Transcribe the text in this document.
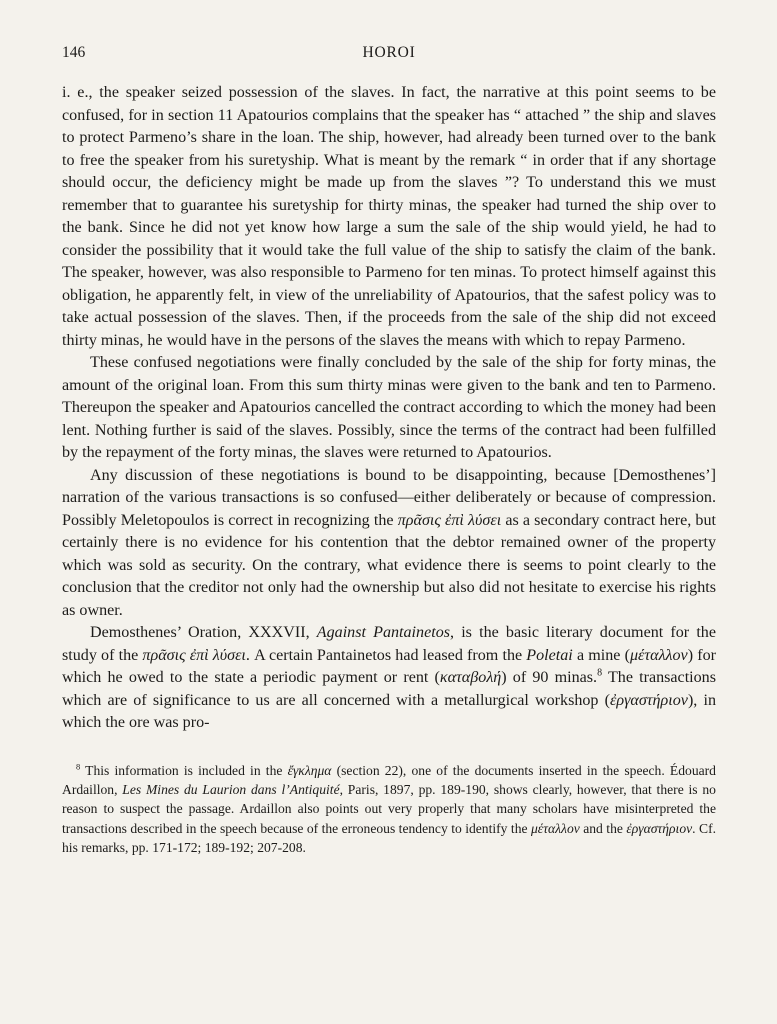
146	HOROI

i. e., the speaker seized possession of the slaves. In fact, the narrative at this point seems to be confused, for in section 11 Apatourios complains that the speaker has “ attached ” the ship and slaves to protect Parmeno’s share in the loan. The ship, however, had already been turned over to the bank to free the speaker from his suretyship. What is meant by the remark “ in order that if any shortage should occur, the deficiency might be made up from the slaves ”? To understand this we must remember that to guarantee his suretyship for thirty minas, the speaker had turned the ship over to the bank. Since he did not yet know how large a sum the sale of the ship would yield, he had to consider the possibility that it would take the full value of the ship to satisfy the claim of the bank. The speaker, however, was also responsible to Parmeno for ten minas. To protect himself against this obligation, he apparently felt, in view of the unreliability of Apatourios, that the safest policy was to take actual possession of the slaves. Then, if the proceeds from the sale of the ship did not exceed thirty minas, he would have in the persons of the slaves the means with which to repay Parmeno.

These confused negotiations were finally concluded by the sale of the ship for forty minas, the amount of the original loan. From this sum thirty minas were given to the bank and ten to Parmeno. Thereupon the speaker and Apatourios cancelled the contract according to which the money had been lent. Nothing further is said of the slaves. Possibly, since the terms of the contract had been fulfilled by the repayment of the forty minas, the slaves were returned to Apatourios.

Any discussion of these negotiations is bound to be disappointing, because [Demosthenes’] narration of the various transactions is so confused—either deliberately or because of compression. Possibly Meletopoulos is correct in recognizing the πρᾶσις ἐπὶ λύσει as a secondary contract here, but certainly there is no evidence for his contention that the debtor remained owner of the property which was sold as security. On the contrary, what evidence there is seems to point clearly to the conclusion that the creditor not only had the ownership but also did not hesitate to exercise his rights as owner.

Demosthenes’ Oration, XXXVII, Against Pantainetos, is the basic literary document for the study of the πρᾶσις ἐπὶ λύσει. A certain Pantainetos had leased from the Poletai a mine (μέταλλον) for which he owed to the state a periodic payment or rent (καταβολή) of 90 minas.$^8$ The transactions which are of significance to us are all concerned with a metallurgical workshop (ἐργαστήριον), in which the ore was pro-

$^8$ This information is included in the ἔγκλημα (section 22), one of the documents inserted in the speech. Édouard Ardaillon, Les Mines du Laurion dans l’Antiquité, Paris, 1897, pp. 189-190, shows clearly, however, that there is no reason to suspect the passage. Ardaillon also points out very properly that many scholars have misinterpreted the transactions described in the speech because of the erroneous tendency to identify the μέταλλον and the ἐργαστήριον. Cf. his remarks, pp. 171-172; 189-192; 207-208.
